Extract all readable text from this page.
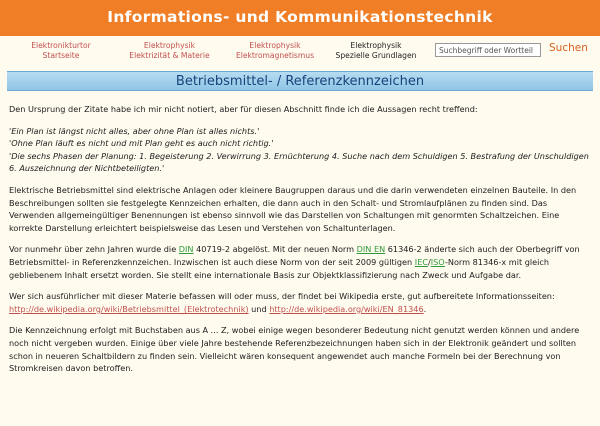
Informations- und Kommunikationstechnik
Elektronikturtor
Startseite
Elektrophysik
Elektrizität & Materie
Elektrophysik
Elektromagnetismus
Elektrophysik
Spezielle Grundlagen
Suchbegriff oder Wortteil
Suchen
Betriebsmittel- / Referenzkennzeichen

Den Ursprung der Zitate habe ich mir nicht notiert, aber für diesen Abschnitt finde ich die Aussagen recht treffend:

'Ein Plan ist längst nicht alles, aber ohne Plan ist alles nichts.'
'Ohne Plan läuft es nicht und mit Plan geht es auch nicht richtig.'
'Die sechs Phasen der Planung: 1. Begeisterung 2. Verwirrung 3. Ernüchterung 4. Suche nach dem Schuldigen 5. Bestrafung der Unschuldigen 6. Auszeichnung der Nichtbeteiligten.'

Elektrische Betriebsmittel sind elektrische Anlagen oder kleinere Baugruppen daraus und die darin verwendeten einzelnen Bauteile. In den Beschreibungen sollten sie festgelegte Kennzeichen erhalten, die dann auch in den Schalt- und Stromlaufplänen zu finden sind. Das Verwenden allgemeingültiger Benennungen ist ebenso sinnvoll wie das Darstellen von Schaltungen mit genormten Schaltzeichen. Eine korrekte Darstellung erleichtert beispielsweise das Lesen und Verstehen von Schaltunterlagen.

Vor nunmehr über zehn Jahren wurde die DIN 40719-2 abgelöst. Mit der neuen Norm DIN EN 61346-2 änderte sich auch der Oberbegriff von Betriebsmittel- in Referenzkennzeichen. Inzwischen ist auch diese Norm von der seit 2009 gültigen IEC/ISO-Norm 81346-x mit gleich gebliebenem Inhalt ersetzt worden. Sie stellt eine internationale Basis zur Objektklassifizierung nach Zweck und Aufgabe dar.

Wer sich ausführlicher mit dieser Materie befassen will oder muss, der findet bei Wikipedia erste, gut aufbereitete Informationsseiten: http://de.wikipedia.org/wiki/Betriebsmittel_(Elektrotechnik) und http://de.wikipedia.org/wiki/EN_81346.

Die Kennzeichnung erfolgt mit Buchstaben aus A ... Z, wobei einige wegen besonderer Bedeutung nicht genutzt werden können und andere noch nicht vergeben wurden. Einige über viele Jahre bestehende Referenzbezeichnungen haben sich in der Elektronik geändert und sollten schon in neueren Schaltbildern zu finden sein. Vielleicht wären konsequent angewendet auch manche Formeln bei der Berechnung von Stromkreisen davon betroffen.
